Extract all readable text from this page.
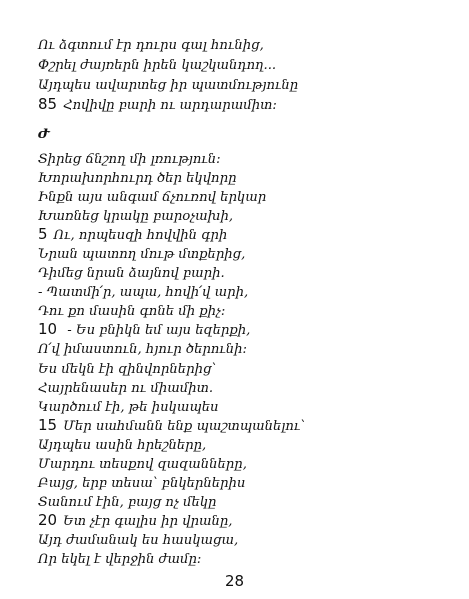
Ու ձգտում էր դուրս գալ հունից,
Փշրել ժայռերն իրեն կաշկանդող...
Այդպես ավարտեց իր պատմությունը
85 Հովիվը բարի ու արդարամիտ:
Ժ
Տիրեց ճնշող մի լռություն:
Խորախորհուրդ ծեր եկվորը
Ինքն այս անգամ ճչուռով երկար
Խառնեց կրակը բարօչախի,
5 Ու, որպեսզի հովվին գրի
Նրան պատող մութ մտքերից,
Դիմեց նրան ձայնով բարի.
- Պատմի՛ր, ապա, հովի՛վ արի,
Դու քո մասին գոնե մի քիչ:
10 - Ես բնիկն եմ այս եզերքի,
Ո՛վ իմաստուն, հյուր ծերունի:
Ես մեկն էի զինվորներից՝
Հայրենասեր ու միամիտ.
Կարծում էի, թե իսկապես
15 Մեր սահմանն ենք պաշտպանելու՝
Այդպես ասին հրեշները,
Մարդու տեսքով զազանները,
Բայց, երբ տեսա՝ բնկերներիս
Տանում էին, բայց ոչ մեկը
20 Ետ չէր գալիս իր վրանը,
Այդ ժամանակ ես հասկացա,
Որ եկել է վերջին ժամը:
28
